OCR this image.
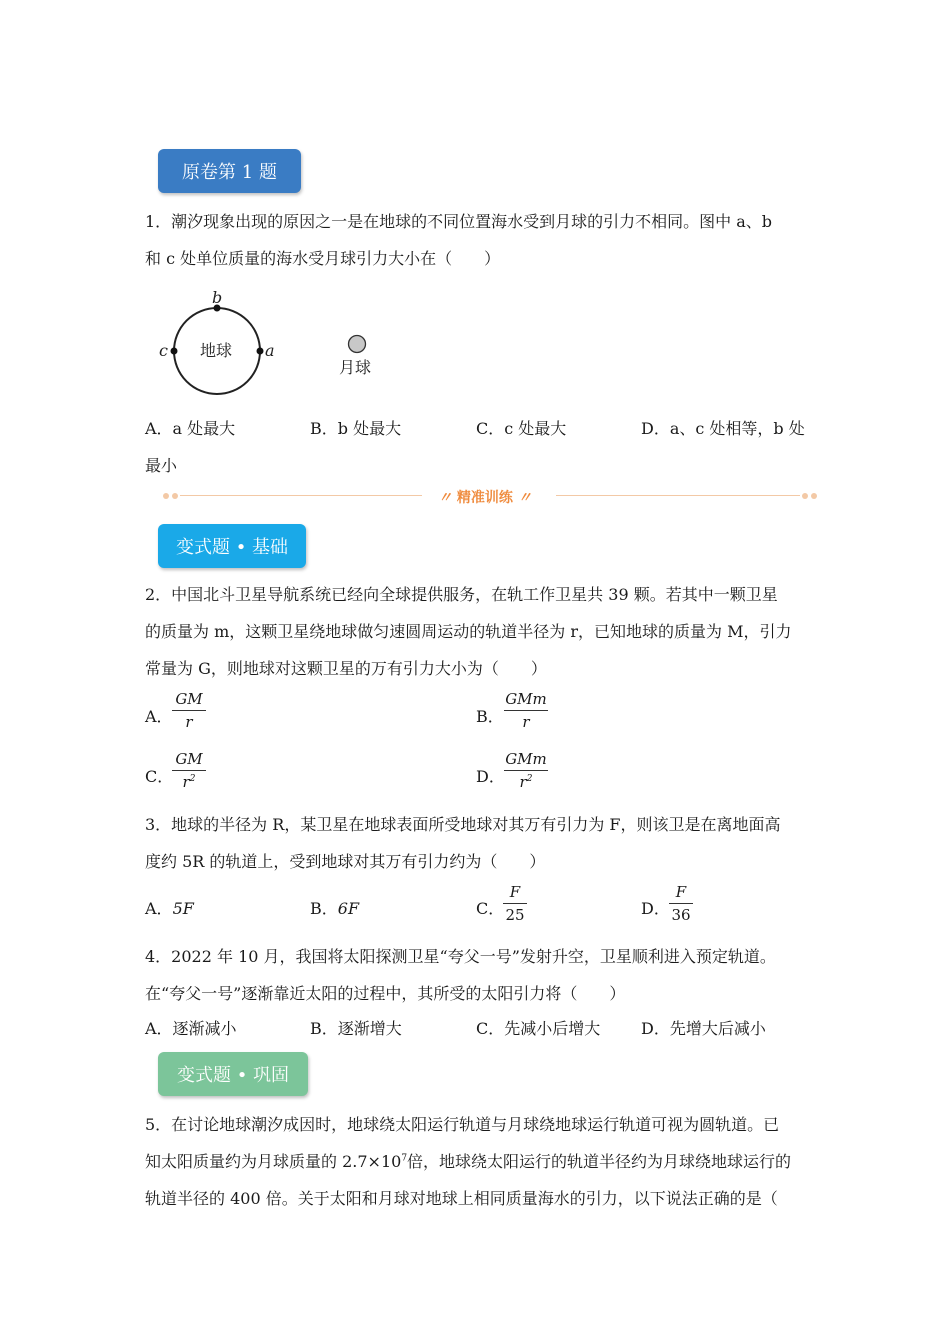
原卷第 1 题
1．潮汐现象出现的原因之一是在地球的不同位置海水受到月球的引力不相同。图中 a、b
和 c 处单位质量的海水受月球引力大小在（　　）
地球
b
c	a
月球
A．a 处最大	B．b 处最大	C．c 处最大	D．a、c 处相等，b 处
最小
〃 精准训练 〃
变式题 • 基础
2．中国北斗卫星导航系统已经向全球提供服务，在轨工作卫星共 39 颗。若其中一颗卫星
的质量为 m，这颗卫星绕地球做匀速圆周运动的轨道半径为 r，已知地球的质量为 M，引力
常量为 G，则地球对这颗卫星的万有引力大小为（　　）
A．
GM
r	B．
GMm
r
C．
GM
$r^2$	D．
GMm
$r^2$
3．地球的半径为 R，某卫星在地球表面所受地球对其万有引力为 F，则该卫是在离地面高
度约 5R 的轨道上，受到地球对其万有引力约为（　　）
A．5F	B．6F	C．
F
25	D．
F
36
4．2022 年 10 月，我国将太阳探测卫星“夸父一号”发射升空，卫星顺利进入预定轨道。
在“夸父一号”逐渐靠近太阳的过程中，其所受的太阳引力将（　　）
A．逐渐减小	B．逐渐增大	C．先减小后增大	D．先增大后减小
变式题 • 巩固
5．在讨论地球潮汐成因时，地球绕太阳运行轨道与月球绕地球运行轨道可视为圆轨道。已
知太阳质量约为月球质量的 $2.7\times 10^7$倍，地球绕太阳运行的轨道半径约为月球绕地球运行的
轨道半径的 400 倍。关于太阳和月球对地球上相同质量海水的引力，以下说法正确的是（
